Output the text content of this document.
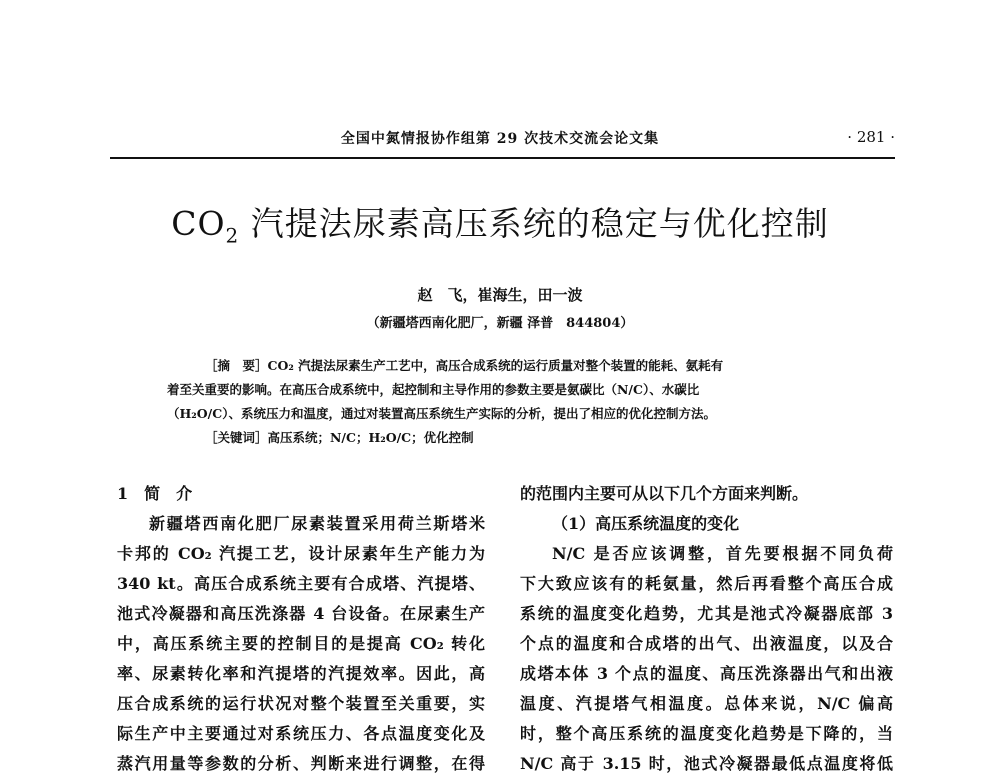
全国中氮情报协作组第 29 次技术交流会论文集	· 281 ·
$CO_2$ 汽提法尿素高压系统的稳定与优化控制
赵　飞，崔海生，田一波
（新疆塔西南化肥厂，新疆 泽普　844804）
［摘　要］CO₂ 汽提法尿素生产工艺中，高压合成系统的运行质量对整个装置的能耗、氨耗有
着至关重要的影响。在高压合成系统中，起控制和主导作用的参数主要是氨碳比（N/C）、水碳比
（H₂O/C）、系统压力和温度，通过对装置高压系统生产实际的分析，提出了相应的优化控制方法。
［关键词］高压系统；N/C；H₂O/C；优化控制
1　简　介
新疆塔西南化肥厂尿素装置采用荷兰斯塔米
卡邦的 CO₂ 汽提工艺，设计尿素年生产能力为
340 kt。高压合成系统主要有合成塔、汽提塔、
池式冷凝器和高压洗涤器 4 台设备。在尿素生产
中，高压系统主要的控制目的是提高 CO₂ 转化
率、尿素转化率和汽提塔的汽提效率。因此，高
压合成系统的运行状况对整个装置至关重要，实
际生产中主要通过对系统压力、各点温度变化及
蒸汽用量等参数的分析、判断来进行调整，在得
的范围内主要可从以下几个方面来判断。
（1）高压系统温度的变化
N/C 是否应该调整，首先要根据不同负荷
下大致应该有的耗氨量，然后再看整个高压合成
系统的温度变化趋势，尤其是池式冷凝器底部 3
个点的温度和合成塔的出气、出液温度，以及合
成塔本体 3 个点的温度、高压洗涤器出气和出液
温度、汽提塔气相温度。总体来说，N/C 偏高
时，整个高压系统的温度变化趋势是下降的，当
N/C 高于 3.15 时，池式冷凝器最低点温度将低
